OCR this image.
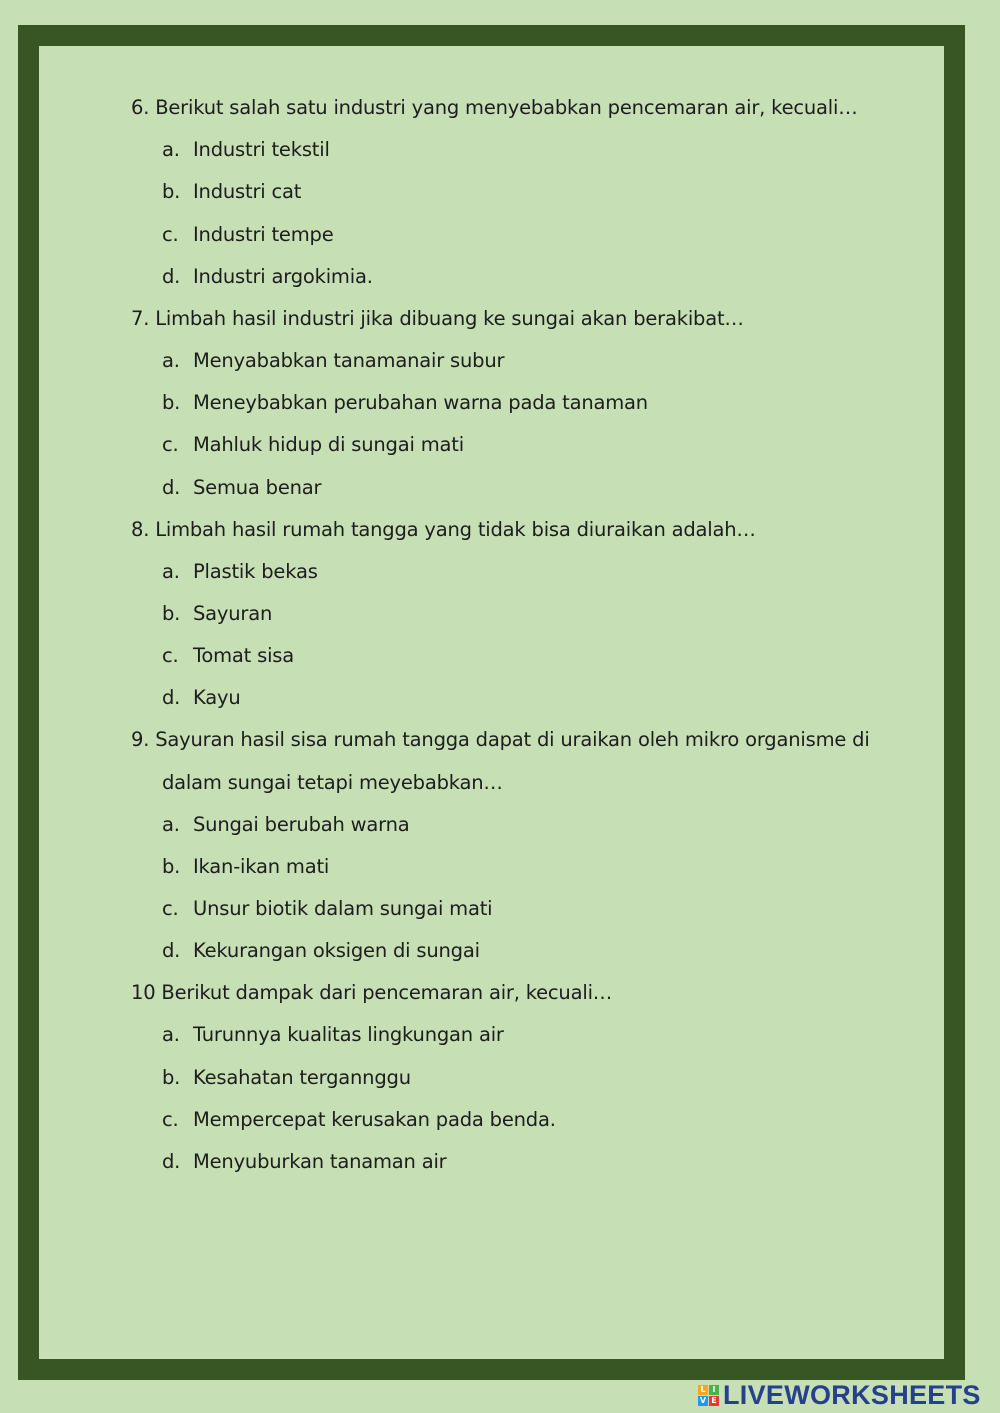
6. Berikut salah satu industri yang menyebabkan pencemaran air, kecuali…
a. Industri tekstil
b. Industri cat
c. Industri tempe
d. Industri argokimia.
7. Limbah hasil industri jika dibuang ke sungai akan berakibat…
a. Menyababkan tanamanair subur
b. Meneybabkan perubahan warna pada tanaman
c. Mahluk hidup di sungai mati
d. Semua benar
8. Limbah hasil rumah tangga yang tidak bisa diuraikan adalah…
a. Plastik bekas
b. Sayuran
c. Tomat sisa
d. Kayu
9. Sayuran hasil sisa rumah tangga dapat di uraikan oleh mikro organisme di
dalam sungai tetapi meyebabkan…
a. Sungai berubah warna
b. Ikan-ikan mati
c. Unsur biotik dalam sungai mati
d. Kekurangan oksigen di sungai
10 Berikut dampak dari pencemaran air, kecuali…
a. Turunnya kualitas lingkungan air
b. Kesahatan tergannggu
c. Mempercepat kerusakan pada benda.
d. Menyuburkan tanaman air
L I
V E LIVEWORKSHEETS
